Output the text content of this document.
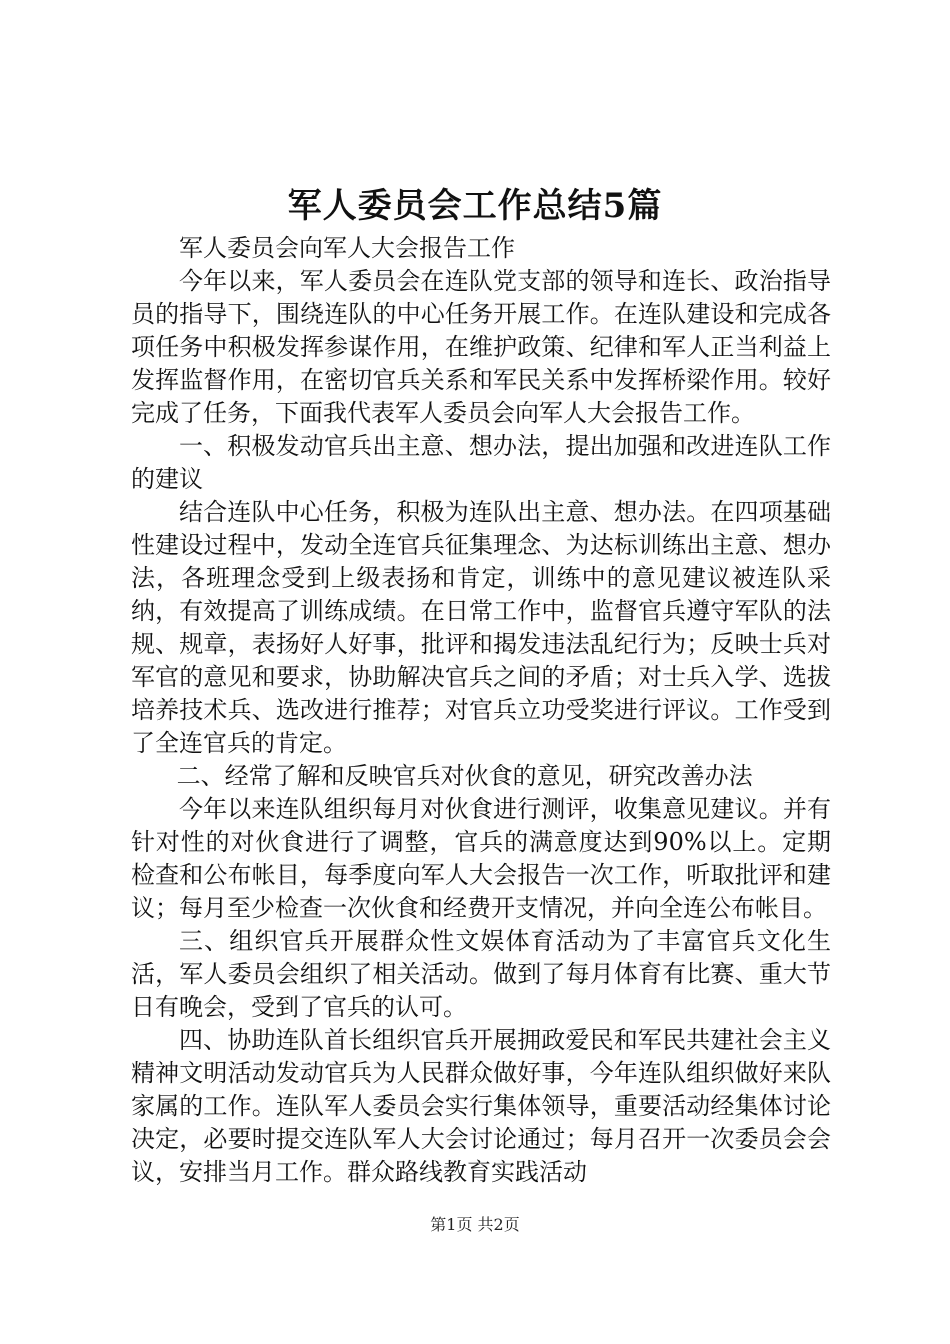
军人委员会工作总结5篇

军人委员会向军人大会报告工作

今年以来，军人委员会在连队党支部的领导和连长、政治指导员的指导下，围绕连队的中心任务开展工作。在连队建设和完成各项任务中积极发挥参谋作用，在维护政策、纪律和军人正当利益上发挥监督作用，在密切官兵关系和军民关系中发挥桥梁作用。较好完成了任务，下面我代表军人委员会向军人大会报告工作。

一、积极发动官兵出主意、想办法，提出加强和改进连队工作的建议

结合连队中心任务，积极为连队出主意、想办法。在四项基础性建设过程中，发动全连官兵征集理念、为达标训练出主意、想办法，各班理念受到上级表扬和肯定，训练中的意见建议被连队采纳，有效提高了训练成绩。在日常工作中，监督官兵遵守军队的法规、规章，表扬好人好事，批评和揭发违法乱纪行为；反映士兵对军官的意见和要求，协助解决官兵之间的矛盾；对士兵入学、选拔培养技术兵、选改进行推荐；对官兵立功受奖进行评议。工作受到了全连官兵的肯定。

二、经常了解和反映官兵对伙食的意见，研究改善办法

今年以来连队组织每月对伙食进行测评，收集意见建议。并有针对性的对伙食进行了调整，官兵的满意度达到90%以上。定期检查和公布帐目，每季度向军人大会报告一次工作，听取批评和建议；每月至少检查一次伙食和经费开支情况，并向全连公布帐目。

三、组织官兵开展群众性文娱体育活动为了丰富官兵文化生活，军人委员会组织了相关活动。做到了每月体育有比赛、重大节日有晚会，受到了官兵的认可。

四、协助连队首长组织官兵开展拥政爱民和军民共建社会主义精神文明活动发动官兵为人民群众做好事，今年连队组织做好来队家属的工作。连队军人委员会实行集体领导，重要活动经集体讨论决定，必要时提交连队军人大会讨论通过；每月召开一次委员会会议，安排当月工作。群众路线教育实践活动

第1页 共2页
